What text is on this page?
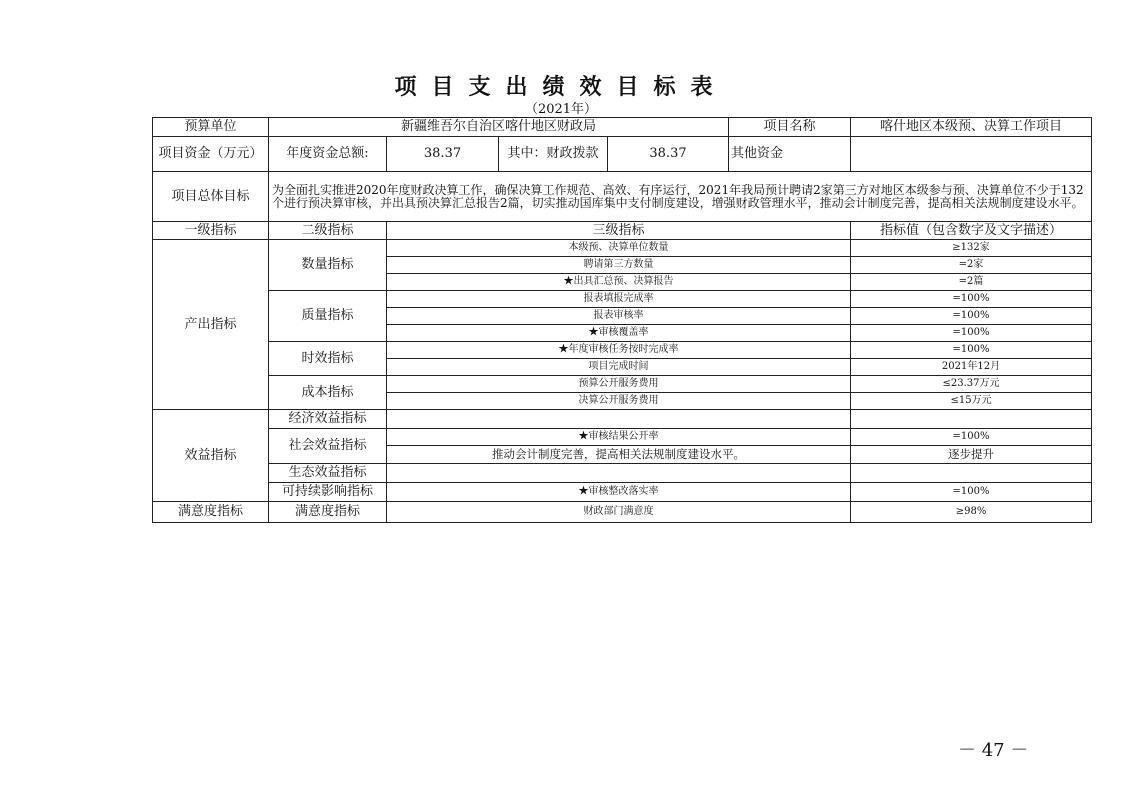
项目支出绩效目标表
（2021年）
预算单位	新疆维吾尔自治区喀什地区财政局				项目名称	喀什地区本级预、决算工作项目
项目资金（万元）	年度资金总额:	38.37	其中：财政拨款	38.37	其他资金	
项目总体目标	为全面扎实推进2020年度财政决算工作，确保决算工作规范、高效、有序运行，2021年我局预计聘请2家第三方对地区本级参与预、决算单位不少于132个进行预决算审核，并出具预决算汇总报告2篇，切实推动国库集中支付制度建设，增强财政管理水平，推动会计制度完善，提高相关法规制度建设水平。					
一级指标	二级指标	三级指标				指标值（包含数字及文字描述）
产出指标	数量指标	本级预、决算单位数量				≥132家
		聘请第三方数量				=2家
		★出具汇总预、决算报告				=2篇
	质量指标	报表填报完成率				=100%
		报表审核率				=100%
		★审核覆盖率				=100%
	时效指标	★年度审核任务按时完成率				=100%
		项目完成时间				2021年12月
	成本指标	预算公开服务费用				≤23.37万元
		决算公开服务费用				≤15万元
效益指标	经济效益指标					
	社会效益指标	★审核结果公开率				=100%
		推动会计制度完善，提高相关法规制度建设水平。				逐步提升
	生态效益指标					
	可持续影响指标	★审核整改落实率				=100%
满意度指标	满意度指标	财政部门满意度				≥98%
－ 47 －
